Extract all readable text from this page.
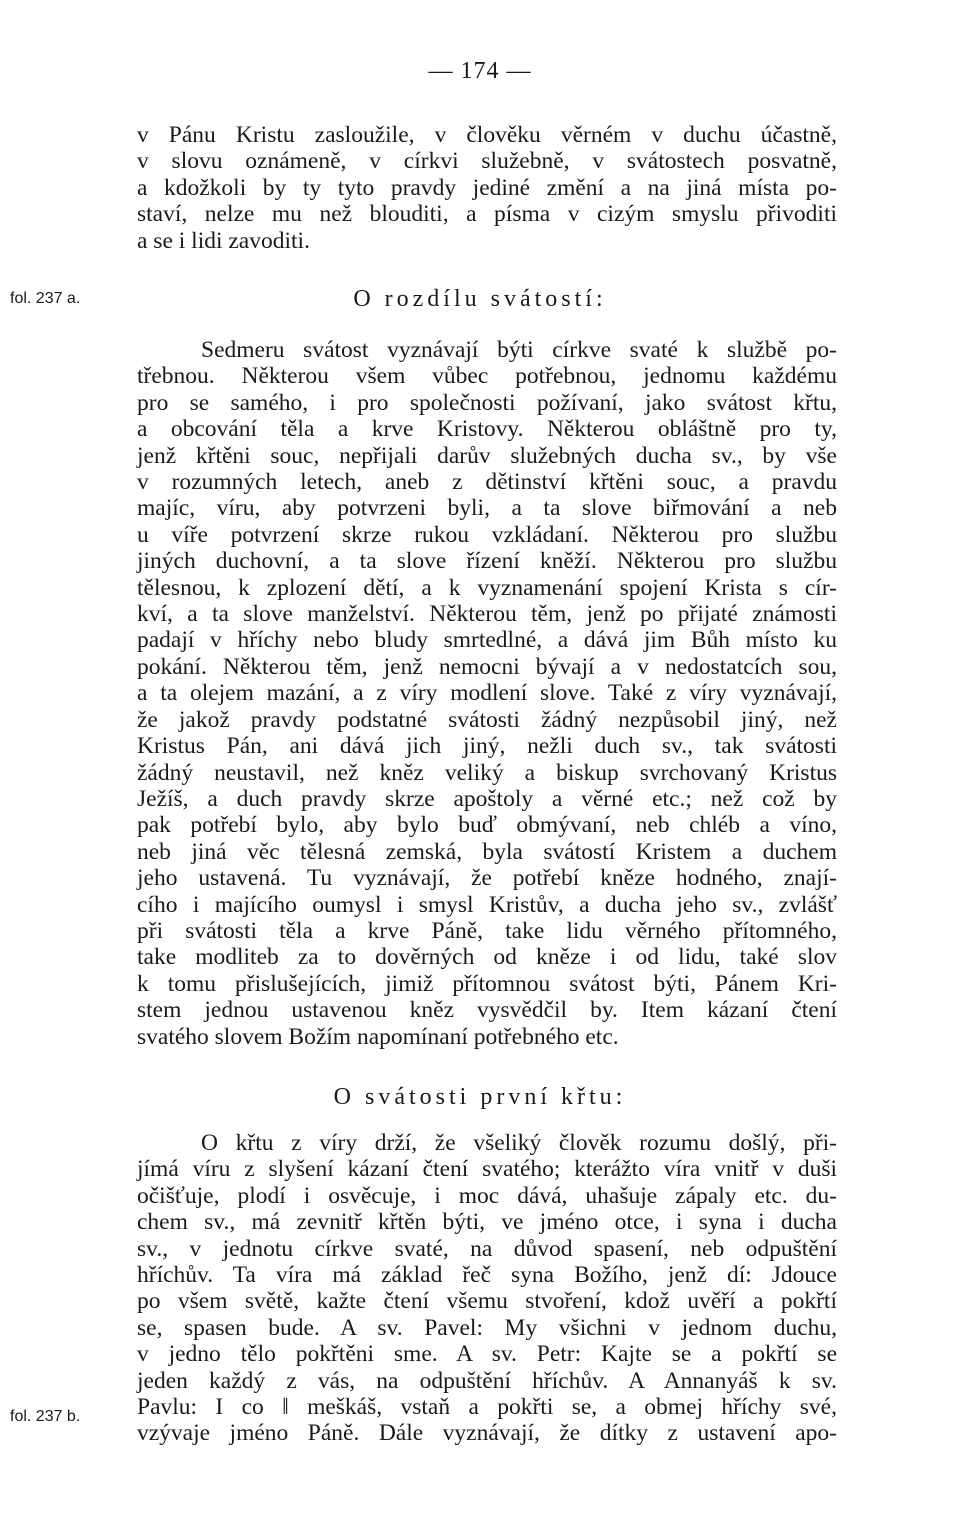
— 174 —
v Pánu Kristu zasloužile, v člověku věrném v duchu účastně,
v slovu oznámeně, v církvi služebně, v svátostech posvatně,
a kdožkoli by ty tyto pravdy jediné změní a na jiná místa po-
staví, nelze mu než blouditi, a písma v cizým smyslu přivoditi
a se i lidi zavoditi.
fol. 237 a.	O rozdílu svátostí:
Sedmeru svátost vyznávají býti církve svaté k službě po-
třebnou. Některou všem vůbec potřebnou, jednomu každému
pro se samého, i pro společnosti požívaní, jako svátost křtu,
a obcování těla a krve Kristovy. Některou obláštně pro ty,
jenž křtěni souc, nepřijali darův služebných ducha sv., by vše
v rozumných letech, aneb z dětinství křtěni souc, a pravdu
majíc, víru, aby potvrzeni byli, a ta slove biřmování a neb
u víře potvrzení skrze rukou vzkládaní. Některou pro službu
jiných duchovní, a ta slove řízení kněží. Některou pro službu
tělesnou, k zplození dětí, a k vyznamenání spojení Krista s cír-
kví, a ta slove manželství. Některou těm, jenž po přijaté známosti
padají v hříchy nebo bludy smrtedlné, a dává jim Bůh místo ku
pokání. Některou těm, jenž nemocni bývají a v nedostatcích sou,
a ta olejem mazání, a z víry modlení slove. Také z víry vyznávají,
že jakož pravdy podstatné svátosti žádný nezpůsobil jiný, než
Kristus Pán, ani dává jich jiný, nežli duch sv., tak svátosti
žádný neustavil, než kněz veliký a biskup svrchovaný Kristus
Ježíš, a duch pravdy skrze apoštoly a věrné etc.; než což by
pak potřebí bylo, aby bylo buď obmývaní, neb chléb a víno,
neb jiná věc tělesná zemská, byla svátostí Kristem a duchem
jeho ustavená. Tu vyznávají, že potřebí kněze hodného, znají-
cího i majícího oumysl i smysl Kristův, a ducha jeho sv., zvlášť
při svátosti těla a krve Páně, take lidu věrného přítomného,
take modliteb za to dověrných od kněze i od lidu, také slov
k tomu přislušejících, jimiž přítomnou svátost býti, Pánem Kri-
stem jednou ustavenou kněz vysvědčil by. Item kázaní čtení
svatého slovem Božím napomínaní potřebného etc.
O svátosti první křtu:
O křtu z víry drží, že všeliký člověk rozumu došlý, při-
jímá víru z slyšení kázaní čtení svatého; kterážto víra vnitř v duši
očišťuje, plodí i osvěcuje, i moc dává, uhašuje zápaly etc. du-
chem sv., má zevnitř křtěn býti, ve jméno otce, i syna i ducha
sv., v jednotu církve svaté, na důvod spasení, neb odpuštění
hříchův. Ta víra má základ řeč syna Božího, jenž dí: Jdouce
po všem světě, kažte čtení všemu stvoření, kdož uvěří a pokřtí
se, spasen bude. A sv. Pavel: My všichni v jednom duchu,
v jedno tělo pokřtěni sme. A sv. Petr: Kajte se a pokřtí se
jeden každý z vás, na odpuštění hříchův. A Annanyáš k sv.
Pavlu: I co ‖ meškáš, vstaň a pokřti se, a obmej hříchy své,
vzývaje jméno Páně. Dále vyznávají, že dítky z ustavení apo-
fol. 237 b.
